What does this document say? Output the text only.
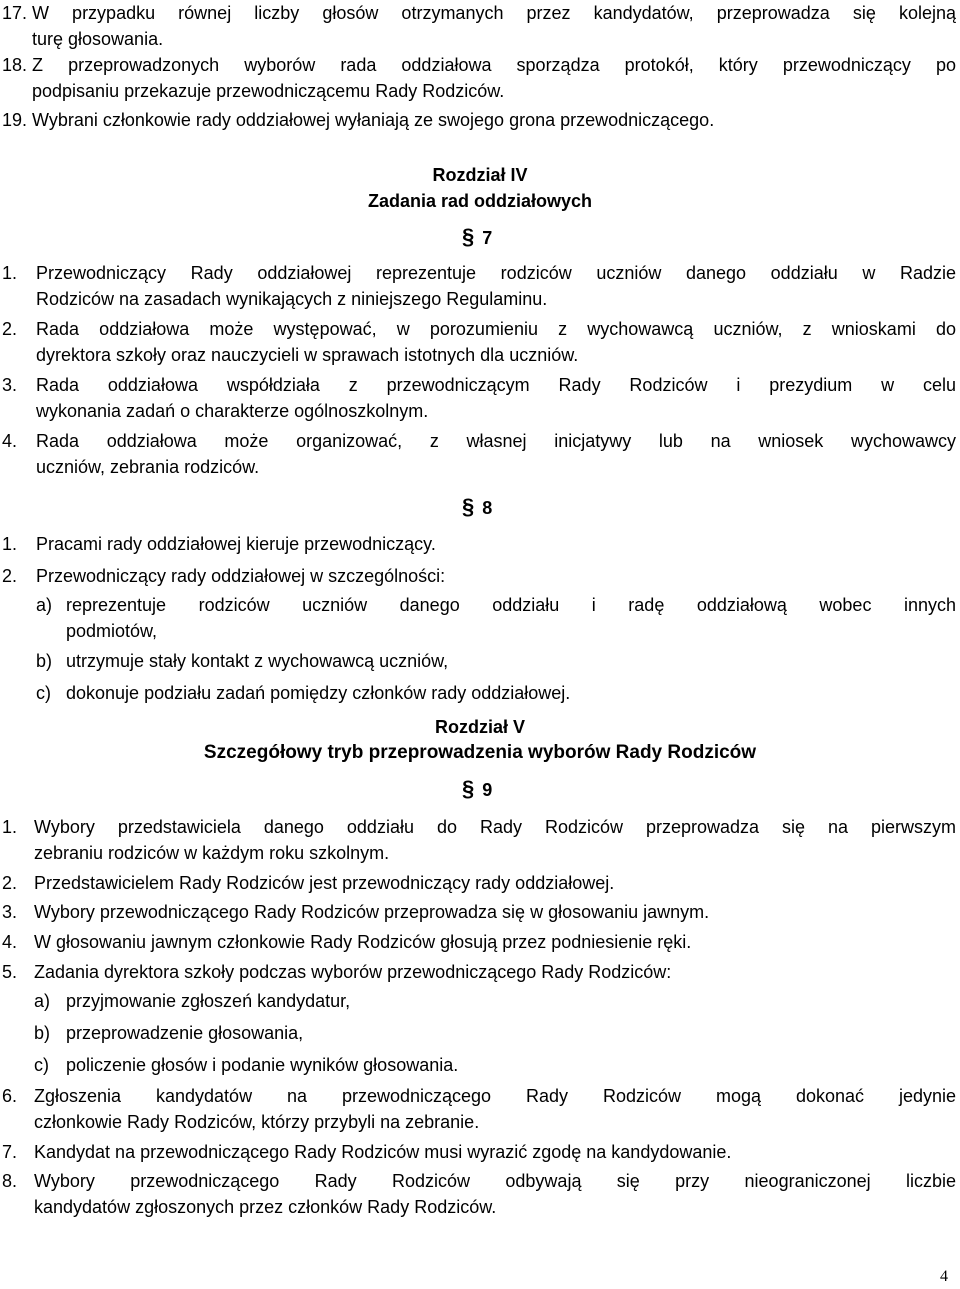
17. W przypadku równej liczby głosów otrzymanych przez kandydatów, przeprowadza się kolejną
turę głosowania.
18. Z przeprowadzonych wyborów rada oddziałowa sporządza protokół, który przewodniczący po
podpisaniu przekazuje przewodniczącemu Rady Rodziców.
19. Wybrani członkowie rady oddziałowej wyłaniają ze swojego grona przewodniczącego.
Rozdział IV
Zadania rad oddziałowych
§ 7
1. Przewodniczący Rady oddziałowej reprezentuje rodziców uczniów danego oddziału w Radzie
Rodziców na zasadach wynikających z niniejszego Regulaminu.
2. Rada oddziałowa może występować, w porozumieniu z wychowawcą uczniów, z wnioskami do
dyrektora szkoły oraz nauczycieli w sprawach istotnych dla uczniów.
3. Rada oddziałowa współdziała z przewodniczącym Rady Rodziców i prezydium w celu
wykonania zadań o charakterze ogólnoszkolnym.
4. Rada oddziałowa może organizować, z własnej inicjatywy lub na wniosek wychowawcy
uczniów, zebrania rodziców.
§ 8
1. Pracami rady oddziałowej kieruje przewodniczący.
2. Przewodniczący rady oddziałowej w szczególności:
a) reprezentuje rodziców uczniów danego oddziału i radę oddziałową wobec innych
podmiotów,
b) utrzymuje stały kontakt z wychowawcą uczniów,
c) dokonuje podziału zadań pomiędzy członków rady oddziałowej.
Rozdział V
Szczegółowy tryb przeprowadzenia wyborów Rady Rodziców
§ 9
1. Wybory przedstawiciela danego oddziału do Rady Rodziców przeprowadza się na pierwszym
zebraniu rodziców w każdym roku szkolnym.
2. Przedstawicielem Rady Rodziców jest przewodniczący rady oddziałowej.
3. Wybory przewodniczącego Rady Rodziców przeprowadza się w głosowaniu jawnym.
4. W głosowaniu jawnym członkowie Rady Rodziców głosują przez podniesienie ręki.
5. Zadania dyrektora szkoły podczas wyborów przewodniczącego Rady Rodziców:
a) przyjmowanie zgłoszeń kandydatur,
b) przeprowadzenie głosowania,
c) policzenie głosów i podanie wyników głosowania.
6. Zgłoszenia kandydatów na przewodniczącego Rady Rodziców mogą dokonać jedynie
członkowie Rady Rodziców, którzy przybyli na zebranie.
7. Kandydat na przewodniczącego Rady Rodziców musi wyrazić zgodę na kandydowanie.
8. Wybory przewodniczącego Rady Rodziców odbywają się przy nieograniczonej liczbie
kandydatów zgłoszonych przez członków Rady Rodziców.
4
